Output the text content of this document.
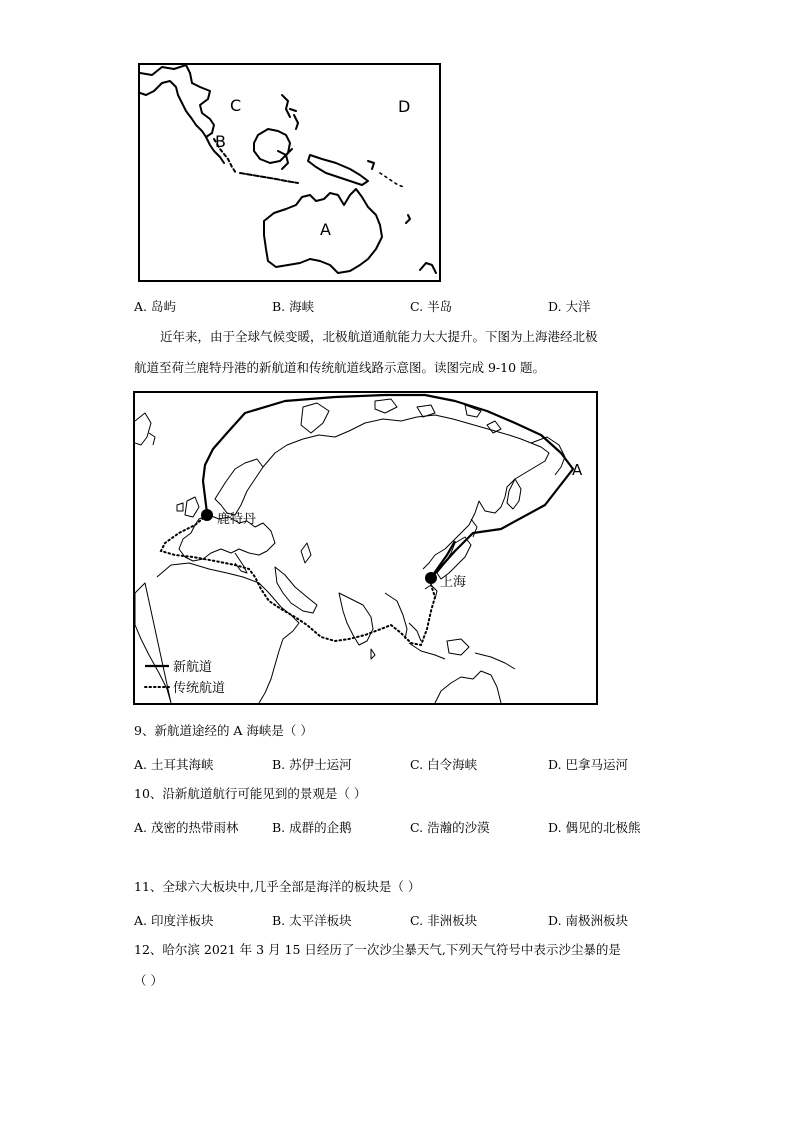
C
B
D
A
A. 岛屿	B. 海峡	C. 半岛	D. 大洋
近年来，由于全球气候变暖，北极航道通航能力大大提升。下图为上海港经北极
航道至荷兰鹿特丹港的新航道和传统航道线路示意图。读图完成 9-10 题。
鹿特丹
上海
A
新航道
传统航道
9、新航道途经的 A 海峡是（ ）
A. 土耳其海峡	B. 苏伊士运河	C. 白令海峡	D. 巴拿马运河
10、沿新航道航行可能见到的景观是（ ）
A. 茂密的热带雨林	B. 成群的企鹅	C. 浩瀚的沙漠	D. 偶见的北极熊
11、全球六大板块中,几乎全部是海洋的板块是（ ）
A. 印度洋板块	B. 太平洋板块	C. 非洲板块	D. 南极洲板块
12、哈尔滨 2021 年 3 月 15 日经历了一次沙尘暴天气,下列天气符号中表示沙尘暴的是
（ ）
